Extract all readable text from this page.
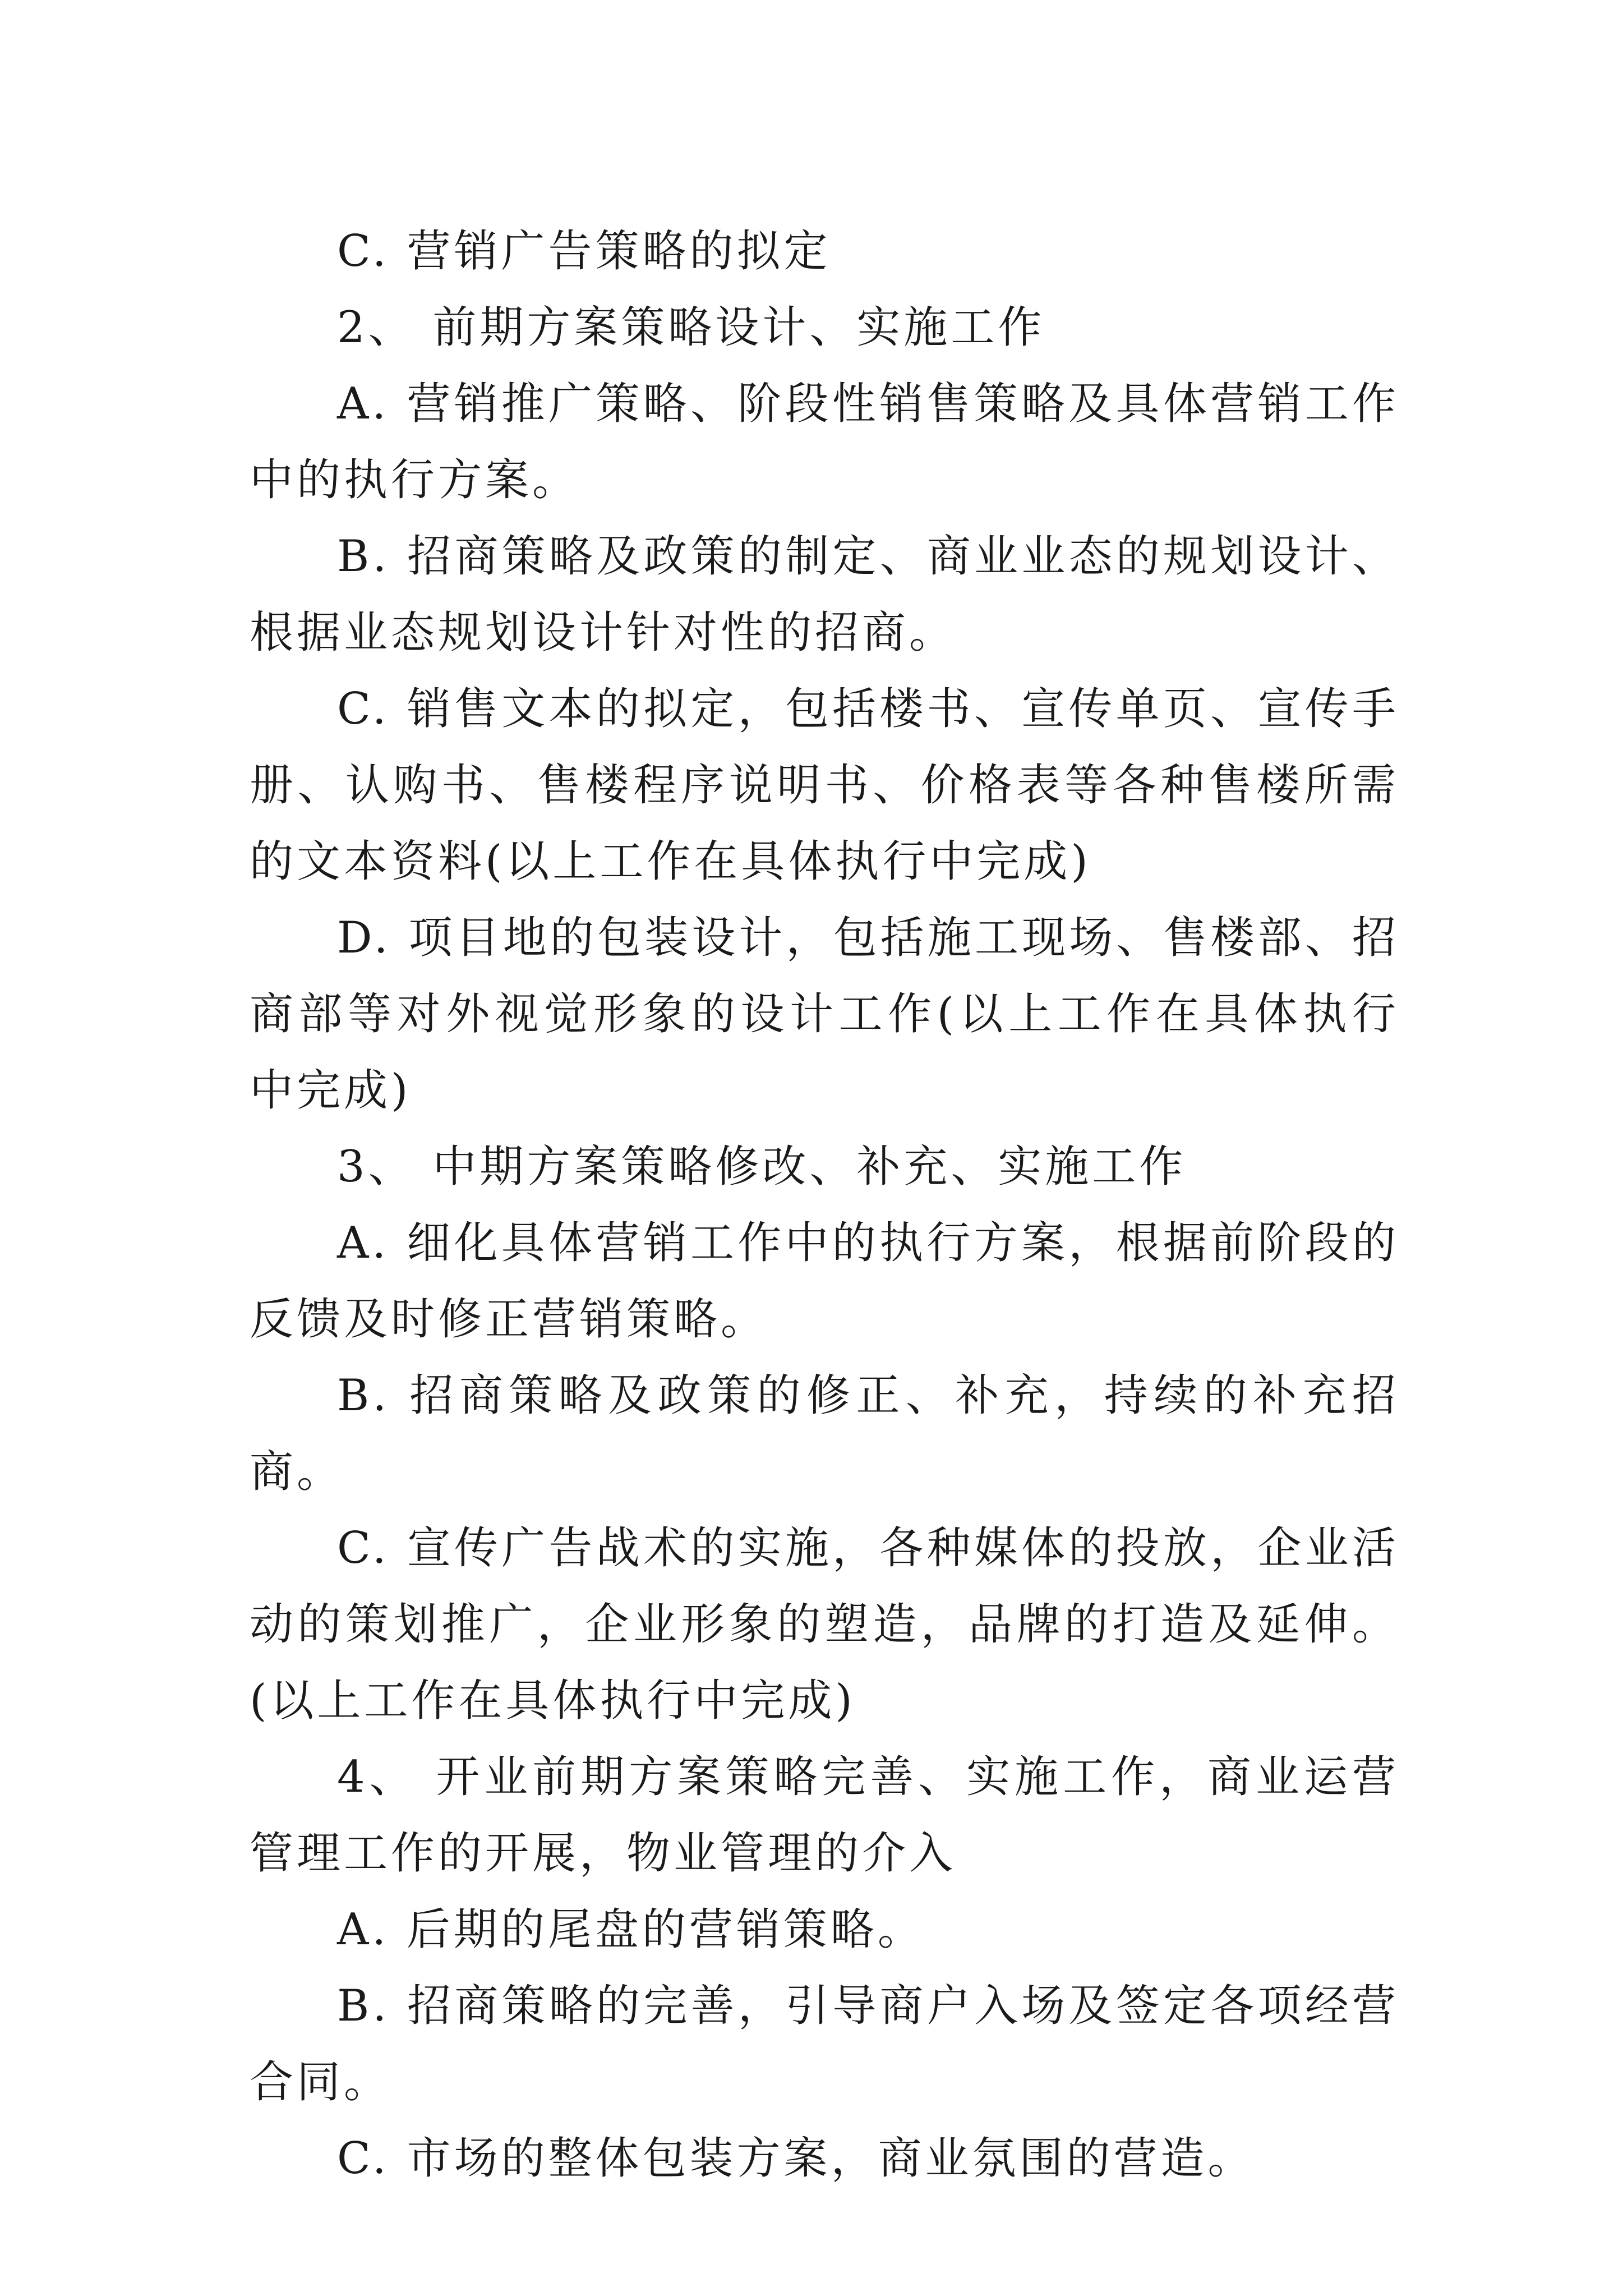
C. 营销广告策略的拟定

2、 前期方案策略设计、实施工作

A. 营销推广策略、阶段性销售策略及具体营销工作中的执行方案。

B. 招商策略及政策的制定、商业业态的规划设计、根据业态规划设计针对性的招商。

C. 销售文本的拟定，包括楼书、宣传单页、宣传手册、认购书、售楼程序说明书、价格表等各种售楼所需的文本资料(以上工作在具体执行中完成)

D. 项目地的包装设计，包括施工现场、售楼部、招商部等对外视觉形象的设计工作(以上工作在具体执行中完成)

3、 中期方案策略修改、补充、实施工作

A. 细化具体营销工作中的执行方案，根据前阶段的反馈及时修正营销策略。

B. 招商策略及政策的修正、补充，持续的补充招商。

C. 宣传广告战术的实施，各种媒体的投放，企业活动的策划推广，企业形象的塑造，品牌的打造及延伸。(以上工作在具体执行中完成)

4、 开业前期方案策略完善、实施工作，商业运营管理工作的开展，物业管理的介入

A. 后期的尾盘的营销策略。

B. 招商策略的完善，引导商户入场及签定各项经营合同。

C. 市场的整体包装方案，商业氛围的营造。
